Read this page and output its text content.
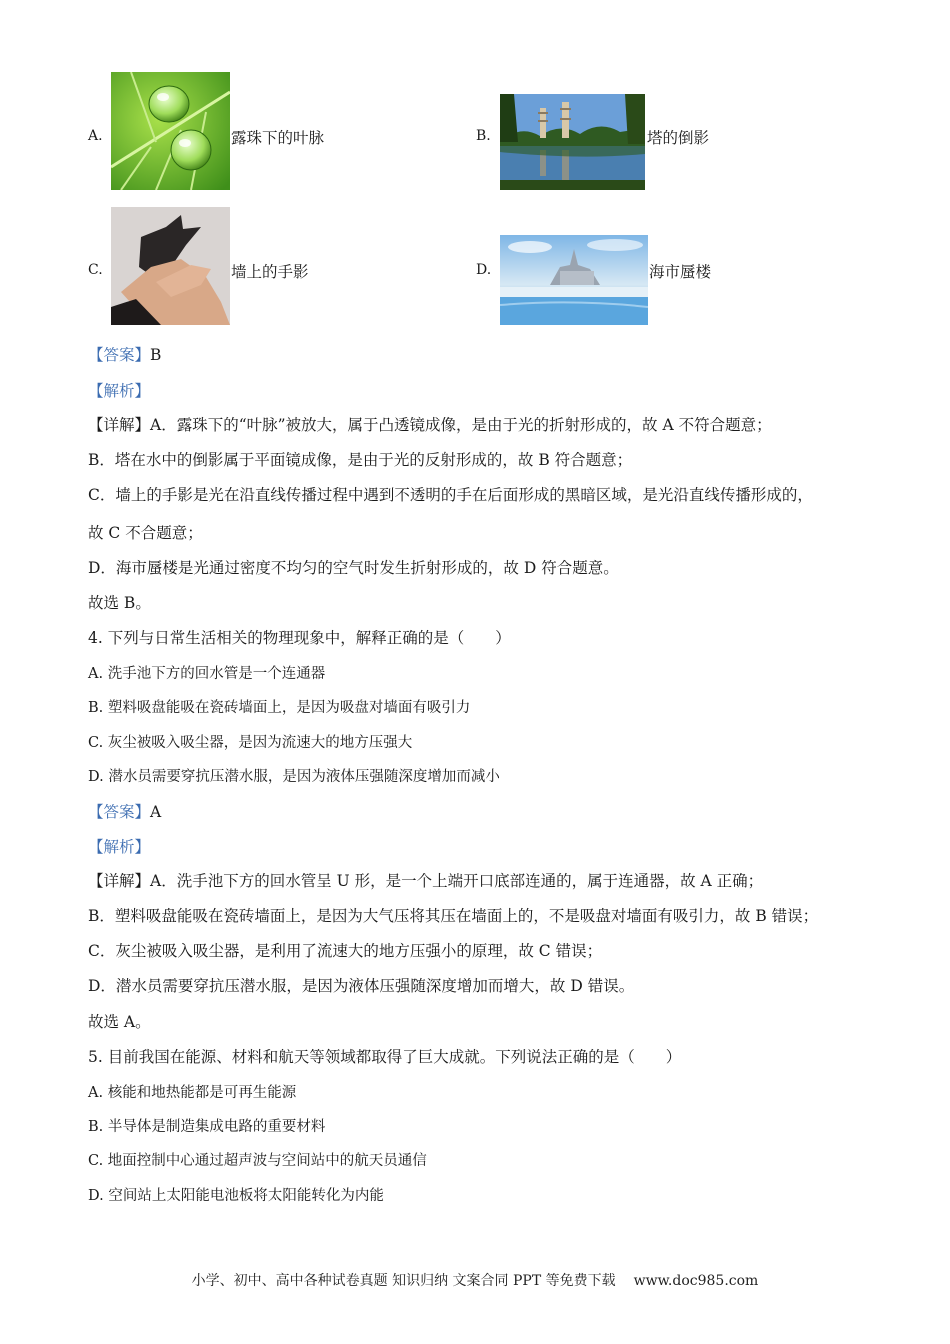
A.	露珠下的叶脉	B.	塔的倒影
C.	墙上的手影	D.	海市蜃楼
【答案】B
【解析】
【详解】A．露珠下的“叶脉”被放大，属于凸透镜成像，是由于光的折射形成的，故 A 不符合题意；
B．塔在水中的倒影属于平面镜成像，是由于光的反射形成的，故 B 符合题意；
C．墙上的手影是光在沿直线传播过程中遇到不透明的手在后面形成的黑暗区域，是光沿直线传播形成的，
故 C 不合题意；
D．海市蜃楼是光通过密度不均匀的空气时发生折射形成的，故 D 符合题意。
故选 B。
4. 下列与日常生活相关的物理现象中，解释正确的是（　　）
A. 洗手池下方的回水管是一个连通器
B. 塑料吸盘能吸在瓷砖墙面上，是因为吸盘对墙面有吸引力
C. 灰尘被吸入吸尘器，是因为流速大的地方压强大
D. 潜水员需要穿抗压潜水服，是因为液体压强随深度增加而减小
【答案】A
【解析】
【详解】A．洗手池下方的回水管呈 U 形，是一个上端开口底部连通的，属于连通器，故 A 正确；
B．塑料吸盘能吸在瓷砖墙面上，是因为大气压将其压在墙面上的，不是吸盘对墙面有吸引力，故 B 错误；
C．灰尘被吸入吸尘器，是利用了流速大的地方压强小的原理，故 C 错误；
D．潜水员需要穿抗压潜水服，是因为液体压强随深度增加而增大，故 D 错误。
故选 A。
5. 目前我国在能源、材料和航天等领域都取得了巨大成就。下列说法正确的是（　　）
A. 核能和地热能都是可再生能源
B. 半导体是制造集成电路的重要材料
C. 地面控制中心通过超声波与空间站中的航天员通信
D. 空间站上太阳能电池板将太阳能转化为内能
小学、初中、高中各种试卷真题 知识归纳 文案合同 PPT 等免费下载 www.doc985.com
